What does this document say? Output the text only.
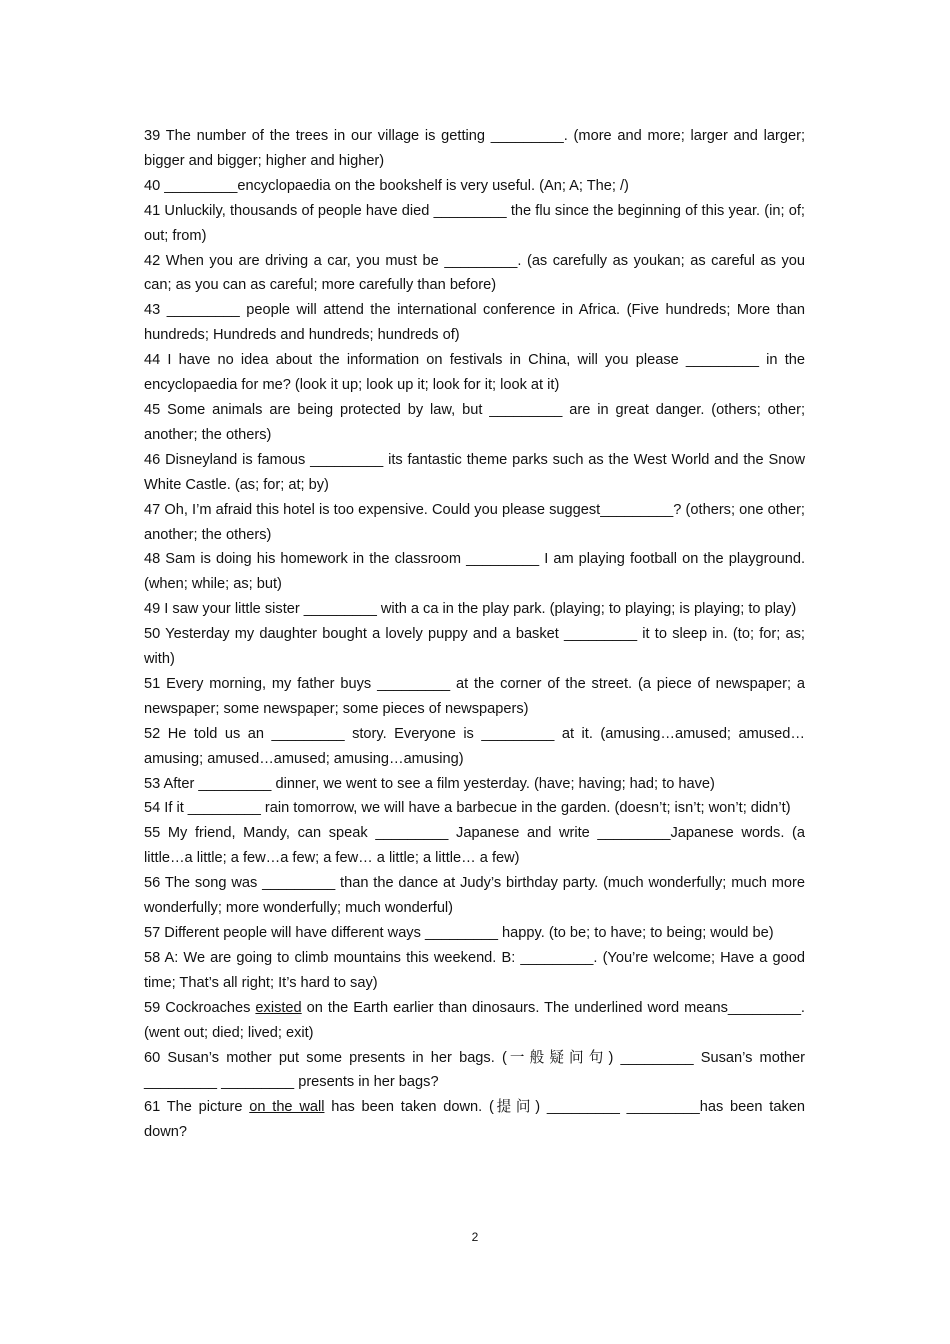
39 The number of the trees in our village is getting _________. (more and more; larger and larger; bigger and bigger; higher and higher)

40 _________encyclopaedia on the bookshelf is very useful. (An; A; The; /)

41 Unluckily, thousands of people have died _________ the flu since the beginning of this year. (in; of; out; from)

42 When you are driving a car, you must be _________. (as carefully as youkan; as careful as you can; as you can as careful; more carefully than before)

43 _________ people will attend the international conference in Africa. (Five hundreds; More than hundreds; Hundreds and hundreds; hundreds of)

44 I have no idea about the information on festivals in China, will you please _________ in the encyclopaedia for me? (look it up; look up it; look for it; look at it)

45 Some animals are being protected by law, but _________ are in great danger. (others; other; another; the others)

46 Disneyland is famous _________ its fantastic theme parks such as the West World and the Snow White Castle. (as; for; at; by)

47 Oh, I’m afraid this hotel is too expensive. Could you please suggest_________? (others; one other; another; the others)

48 Sam is doing his homework in the classroom _________ I am playing football on the playground. (when; while; as; but)

49 I saw your little sister _________ with a ca in the play park. (playing; to playing; is playing; to play)

50 Yesterday my daughter bought a lovely puppy and a basket _________ it to sleep in. (to; for; as; with)

51 Every morning, my father buys _________ at the corner of the street. (a piece of newspaper; a newspaper; some newspaper; some pieces of newspapers)

52 He told us an _________ story. Everyone is _________ at it. (amusing…amused; amused…amusing; amused…amused; amusing…amusing)

53 After _________ dinner, we went to see a film yesterday. (have; having; had; to have)

54 If it _________ rain tomorrow, we will have a barbecue in the garden. (doesn’t; isn’t; won’t; didn’t)

55 My friend, Mandy, can speak _________ Japanese and write _________Japanese words. (a little…a little; a few…a few; a few… a little; a little… a few)

56 The song was _________ than the dance at Judy’s birthday party. (much wonderfully; much more wonderfully; more wonderfully; much wonderful)

57 Different people will have different ways _________ happy. (to be; to have; to being; would be)

58 A: We are going to climb mountains this weekend. B: _________. (You’re welcome; Have a good time; That’s all right; It’s hard to say)

59 Cockroaches existed on the Earth earlier than dinosaurs. The underlined word means_________. (went out; died; lived; exit)

60 Susan’s mother put some presents in her bags. (一般疑问句) _________ Susan’s mother _________ _________ presents in her bags?

61 The picture on the wall has been taken down. (提问) _________ _________has been taken down?

2
